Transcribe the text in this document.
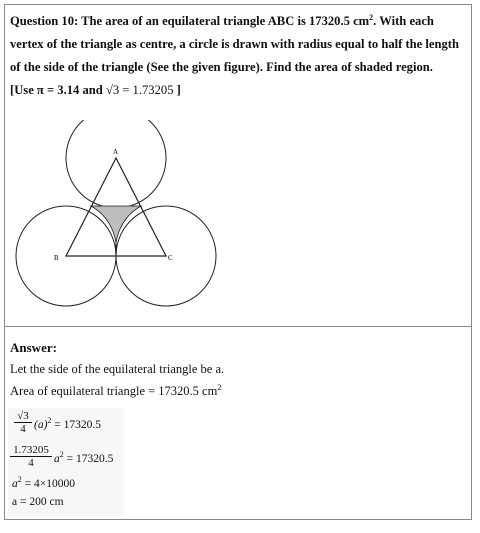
Question 10: The area of an equilateral triangle ABC is 17320.5 $cm^2$. With each
vertex of the triangle as centre, a circle is drawn with radius equal to half the length
of the side of the triangle (See the given figure). Find the area of shaded region.
[Use π = 3.14 and √3 = 1.73205 ]
A
B	C
Answer:
Let the side of the equilateral triangle be a.
Area of equilateral triangle = 17320.5 $cm^2$
$\frac{√3}{4} (a)^2 = 17320.5$
$\frac{1.73205}{4} a^2 = 17320.5$
$a^2 = 4\times 10000$
a = 200 cm
